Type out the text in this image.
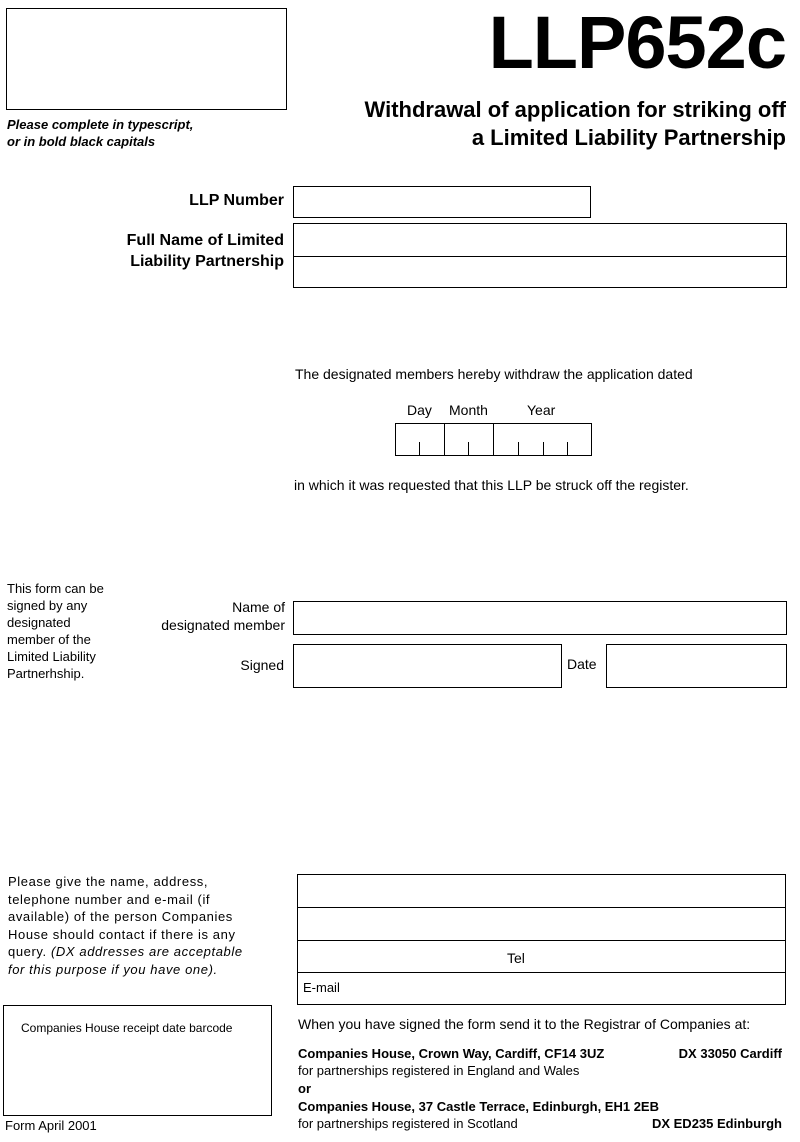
LLP652c
Withdrawal of application for striking off
a Limited Liability Partnership
Please complete in typescript,
or in bold black capitals
LLP Number
Full Name of Limited
Liability Partnership
The designated members hereby withdraw the application dated
Day Month	Year
in which it was requested that this LLP be struck off the register.
This form can be
signed by any
designated
member of the
Limited Liability
Partnerhship.
Name of
designated member
Signed	Date
Please give the name, address,
telephone number and e-mail (if
available) of the person Companies
House should contact if there is any
query. (DX addresses are acceptable
for this purpose if you have one).
Tel
E-mail
Companies House receipt date barcode
Form April 2001
When you have signed the form send it to the Registrar of Companies at:
Companies House, Crown Way, Cardiff, CF14 3UZ	DX 33050 Cardiff
for partnerships registered in England and Wales
or
Companies House, 37 Castle Terrace, Edinburgh, EH1 2EB
for partnerships registered in Scotland	DX ED235 Edinburgh
